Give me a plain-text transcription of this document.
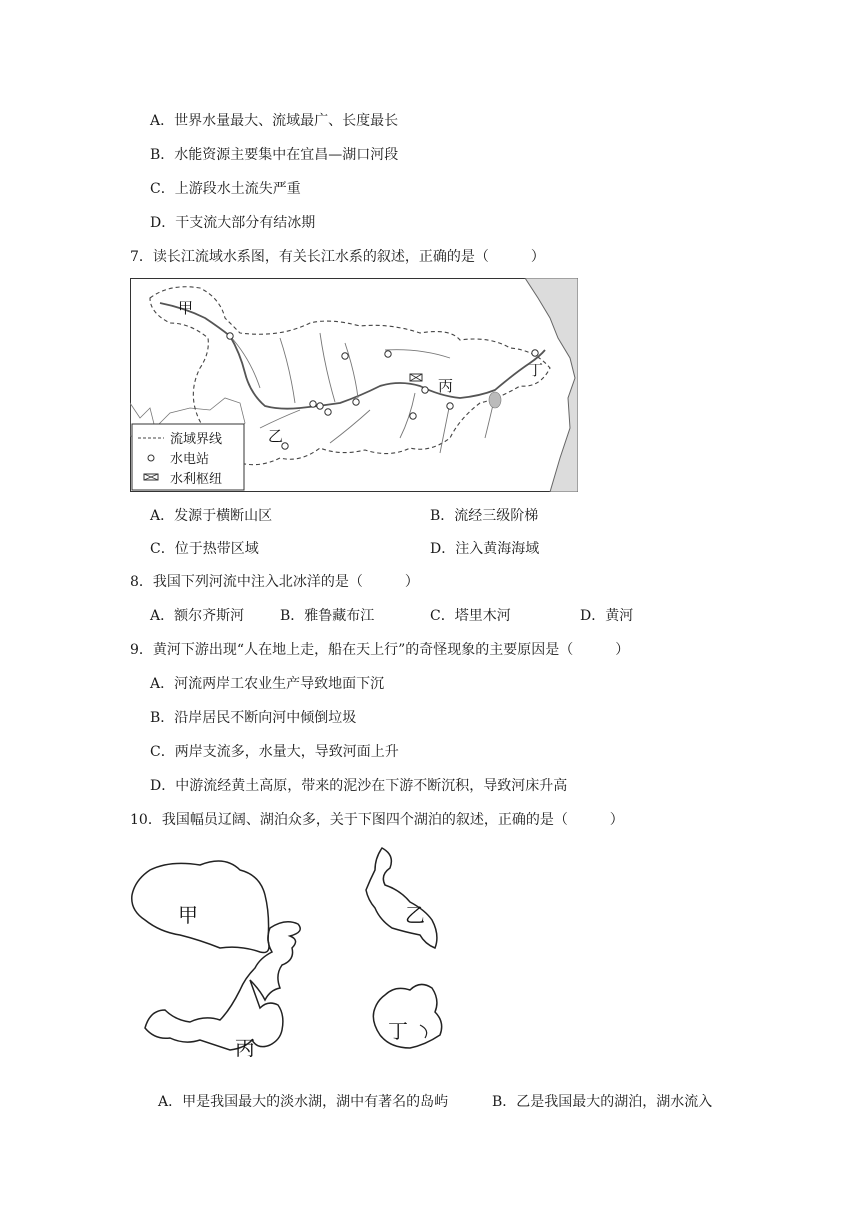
A．世界水量最大、流域最广、长度最长
B．水能资源主要集中在宜昌—湖口河段
C．上游段水土流失严重
D．干支流大部分有结冰期
7．读长江流域水系图，有关长江水系的叙述，正确的是（　　　）
甲
乙
丙
丁
流域界线
水电站
水利枢纽
A．发源于横断山区	B．流经三级阶梯
C．位于热带区域	D．注入黄海海域
8．我国下列河流中注入北冰洋的是（　　　）
A．额尔齐斯河	B．雅鲁藏布江	C．塔里木河	D．黄河
9．黄河下游出现“人在地上走，船在天上行”的奇怪现象的主要原因是（　　　）
A．河流两岸工农业生产导致地面下沉
B．沿岸居民不断向河中倾倒垃圾
C．两岸支流多，水量大，导致河面上升
D．中游流经黄土高原，带来的泥沙在下游不断沉积，导致河床升高
10．我国幅员辽阔、湖泊众多，关于下图四个湖泊的叙述，正确的是（　　　）
甲	乙
丙
丁
A．甲是我国最大的淡水湖，湖中有著名的岛屿	B．乙是我国最大的湖泊，湖水流入
